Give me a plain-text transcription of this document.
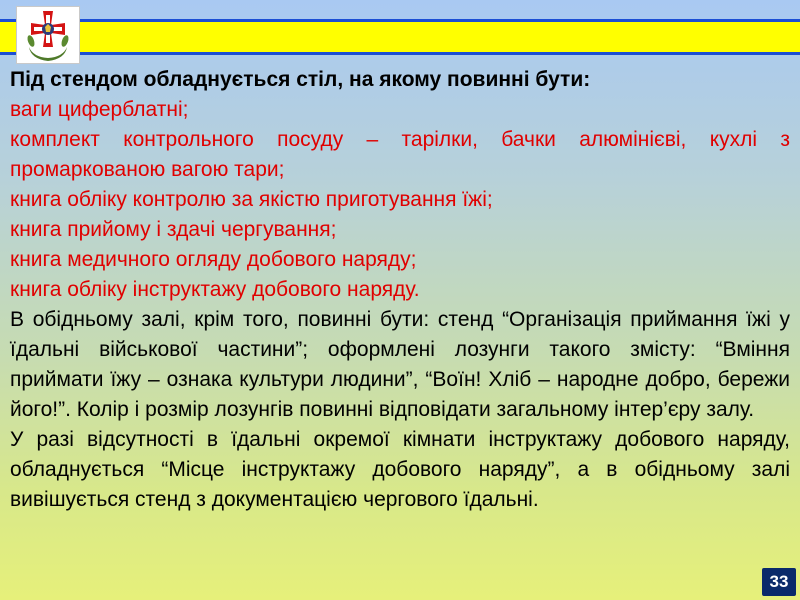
Під стендом обладнується стіл, на якому повинні бути:

ваги циферблатні;

комплект контрольного посуду – тарілки, бачки алюмінієві, кухлі з промаркованою вагою тари;

книга обліку контролю за якістю приготування їжі;

книга прийому і здачі чергування;

книга медичного огляду добового наряду;

книга обліку інструктажу добового наряду.

В обідньому залі, крім того, повинні бути: стенд “Організація приймання їжі у їдальні військової частини”; оформлені лозунги такого змісту: “Вміння приймати їжу – ознака культури людини”, “Воїн! Хліб – народне добро, бережи його!”. Колір і розмір лозунгів повинні відповідати загальному інтер’єру залу.

У разі відсутності в їдальні окремої кімнати інструктажу добового наряду, обладнується “Місце інструктажу добового наряду”, а в обідньому залі вивішується стенд з документацією чергового їдальні.

33
